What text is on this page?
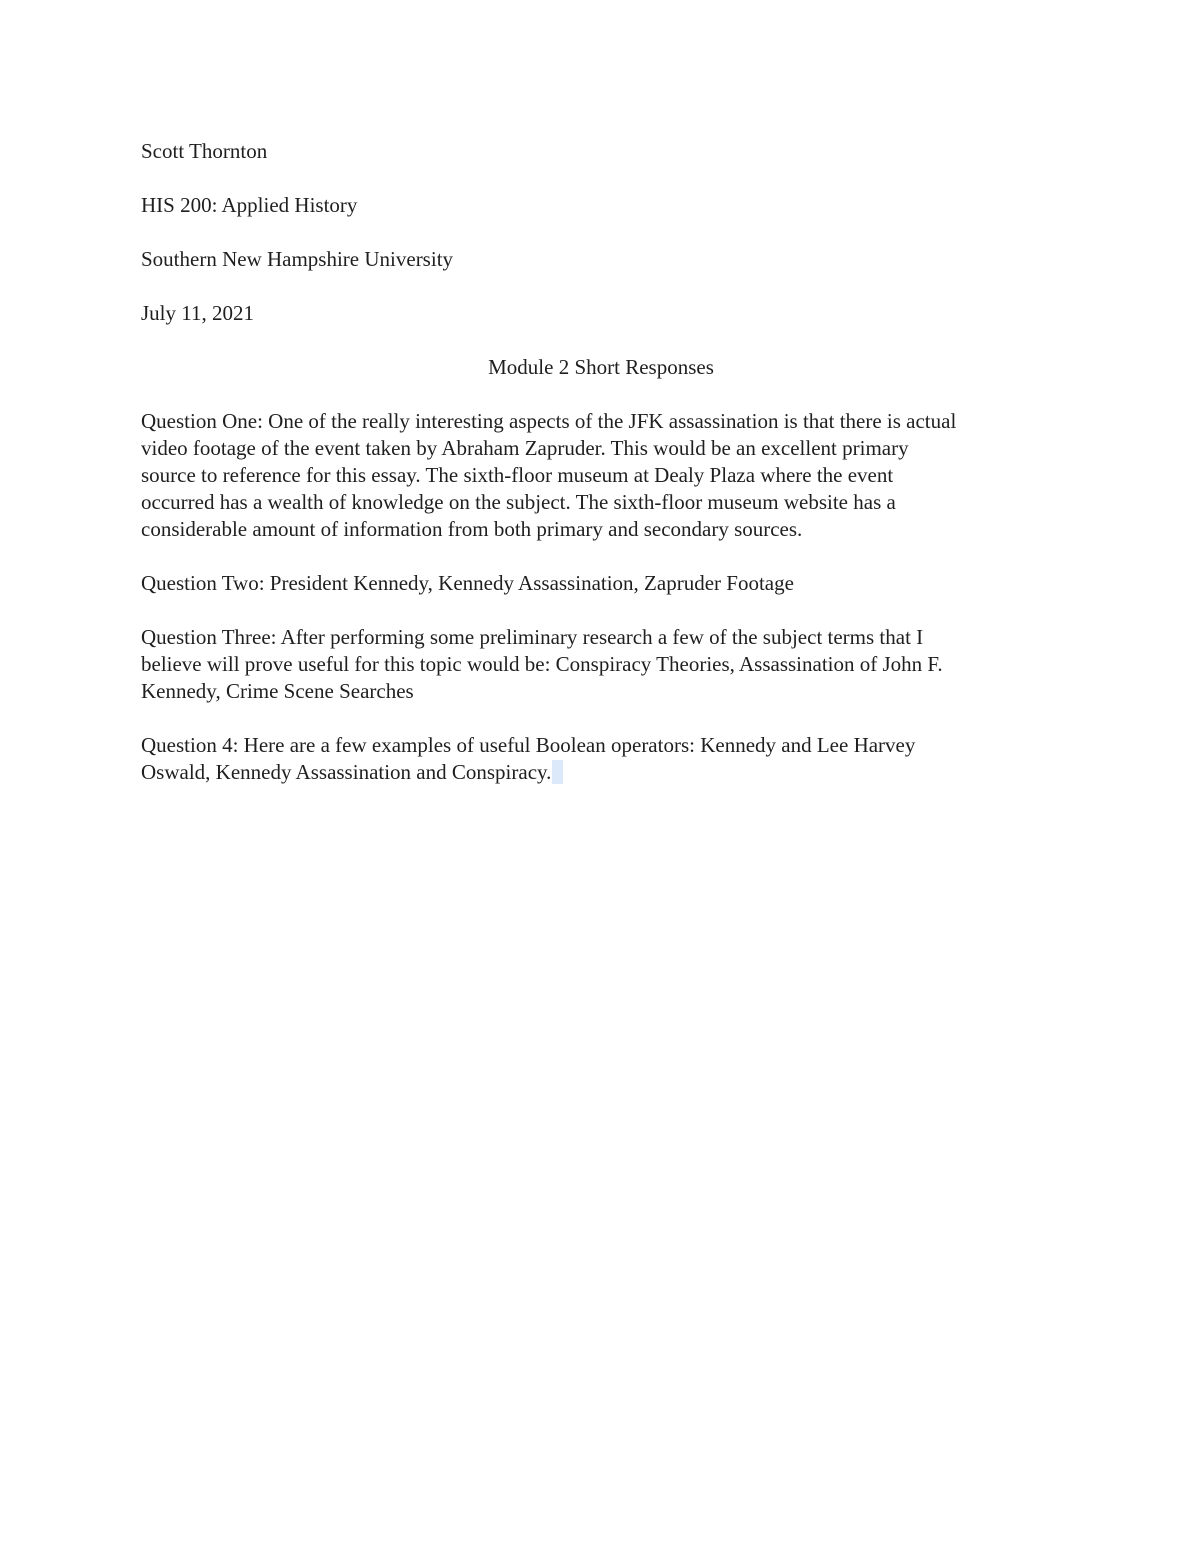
Scott Thornton
HIS 200: Applied History
Southern New Hampshire University
July 11, 2021
Module 2 Short Responses
Question One: One of the really interesting aspects of the JFK assassination is that there is actual
video footage of the event taken by Abraham Zapruder. This would be an excellent primary
source to reference for this essay. The sixth-floor museum at Dealy Plaza where the event
occurred has a wealth of knowledge on the subject. The sixth-floor museum website has a
considerable amount of information from both primary and secondary sources.
Question Two: President Kennedy, Kennedy Assassination, Zapruder Footage
Question Three: After performing some preliminary research a few of the subject terms that I
believe will prove useful for this topic would be: Conspiracy Theories, Assassination of John F.
Kennedy, Crime Scene Searches
Question 4: Here are a few examples of useful Boolean operators: Kennedy and Lee Harvey
Oswald, Kennedy Assassination and Conspiracy.
